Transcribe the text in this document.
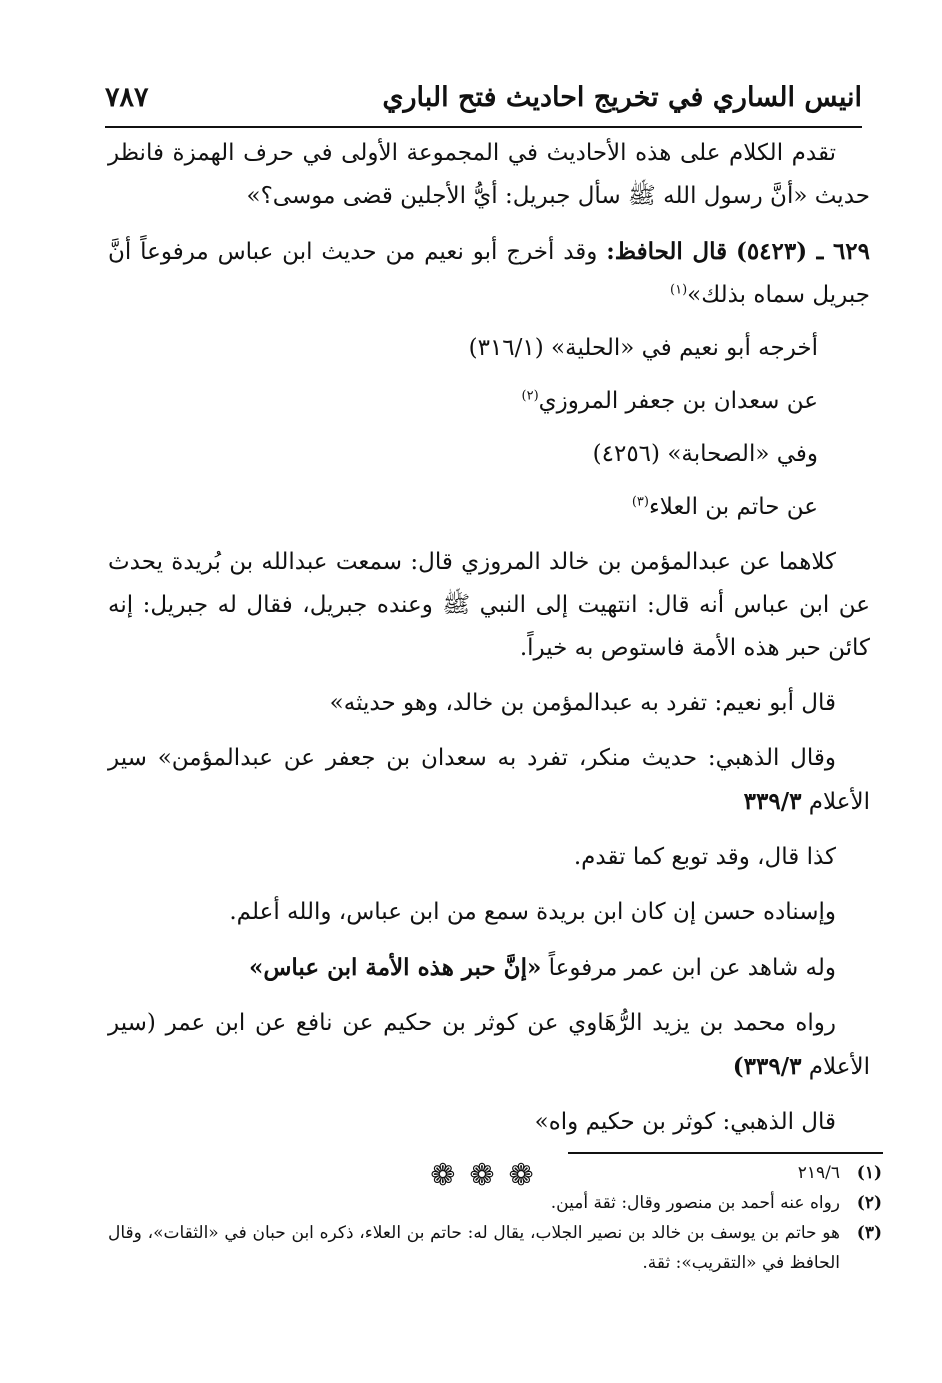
انيس الساري في تخريج احاديث فتح الباري
٧٨٧

تقدم الكلام على هذه الأحاديث في المجموعة الأولى في حرف الهمزة فانظر حديث «أنَّ رسول الله ﷺ سأل جبريل: أيُّ الأجلين قضى موسى؟»

٦٢٩ ـ (٥٤٢٣) قال الحافظ: وقد أخرج أبو نعيم من حديث ابن عباس مرفوعاً أنَّ جبريل سماه بذلك»$^{(١)}$

أخرجه أبو نعيم في «الحلية» (٣١٦/١)

عن سعدان بن جعفر المروزي$^{(٢)}$

وفي «الصحابة» (٤٢٥٦)

عن حاتم بن العلاء$^{(٣)}$

كلاهما عن عبدالمؤمن بن خالد المروزي قال: سمعت عبدالله بن بُريدة يحدث عن ابن عباس أنه قال: انتهيت إلى النبي ﷺ وعنده جبريل، فقال له جبريل: إنه كائن حبر هذه الأمة فاستوص به خيراً.

قال أبو نعيم: تفرد به عبدالمؤمن بن خالد، وهو حديثه»

وقال الذهبي: حديث منكر، تفرد به سعدان بن جعفر عن عبدالمؤمن» سير الأعلام ٣٣٩/٣

كذا قال، وقد توبع كما تقدم.

وإسناده حسن إن كان ابن بريدة سمع من ابن عباس، والله أعلم.

وله شاهد عن ابن عمر مرفوعاً «إنَّ حبر هذه الأمة ابن عباس»

رواه محمد بن يزيد الرُّهَاوي عن كوثر بن حكيم عن نافع عن ابن عمر (سير الأعلام ٣٣٩/٣)

قال الذهبي: كوثر بن حكيم واه»

❁❁❁	(١)
٢١٩/٦
(٢)
رواه عنه أحمد بن منصور وقال: ثقة أمين.
(٣)
هو حاتم بن يوسف بن خالد بن نصير الجلاب، يقال له: حاتم بن العلاء، ذكره ابن حبان في «الثقات»، وقال الحافظ في «التقريب»: ثقة.
